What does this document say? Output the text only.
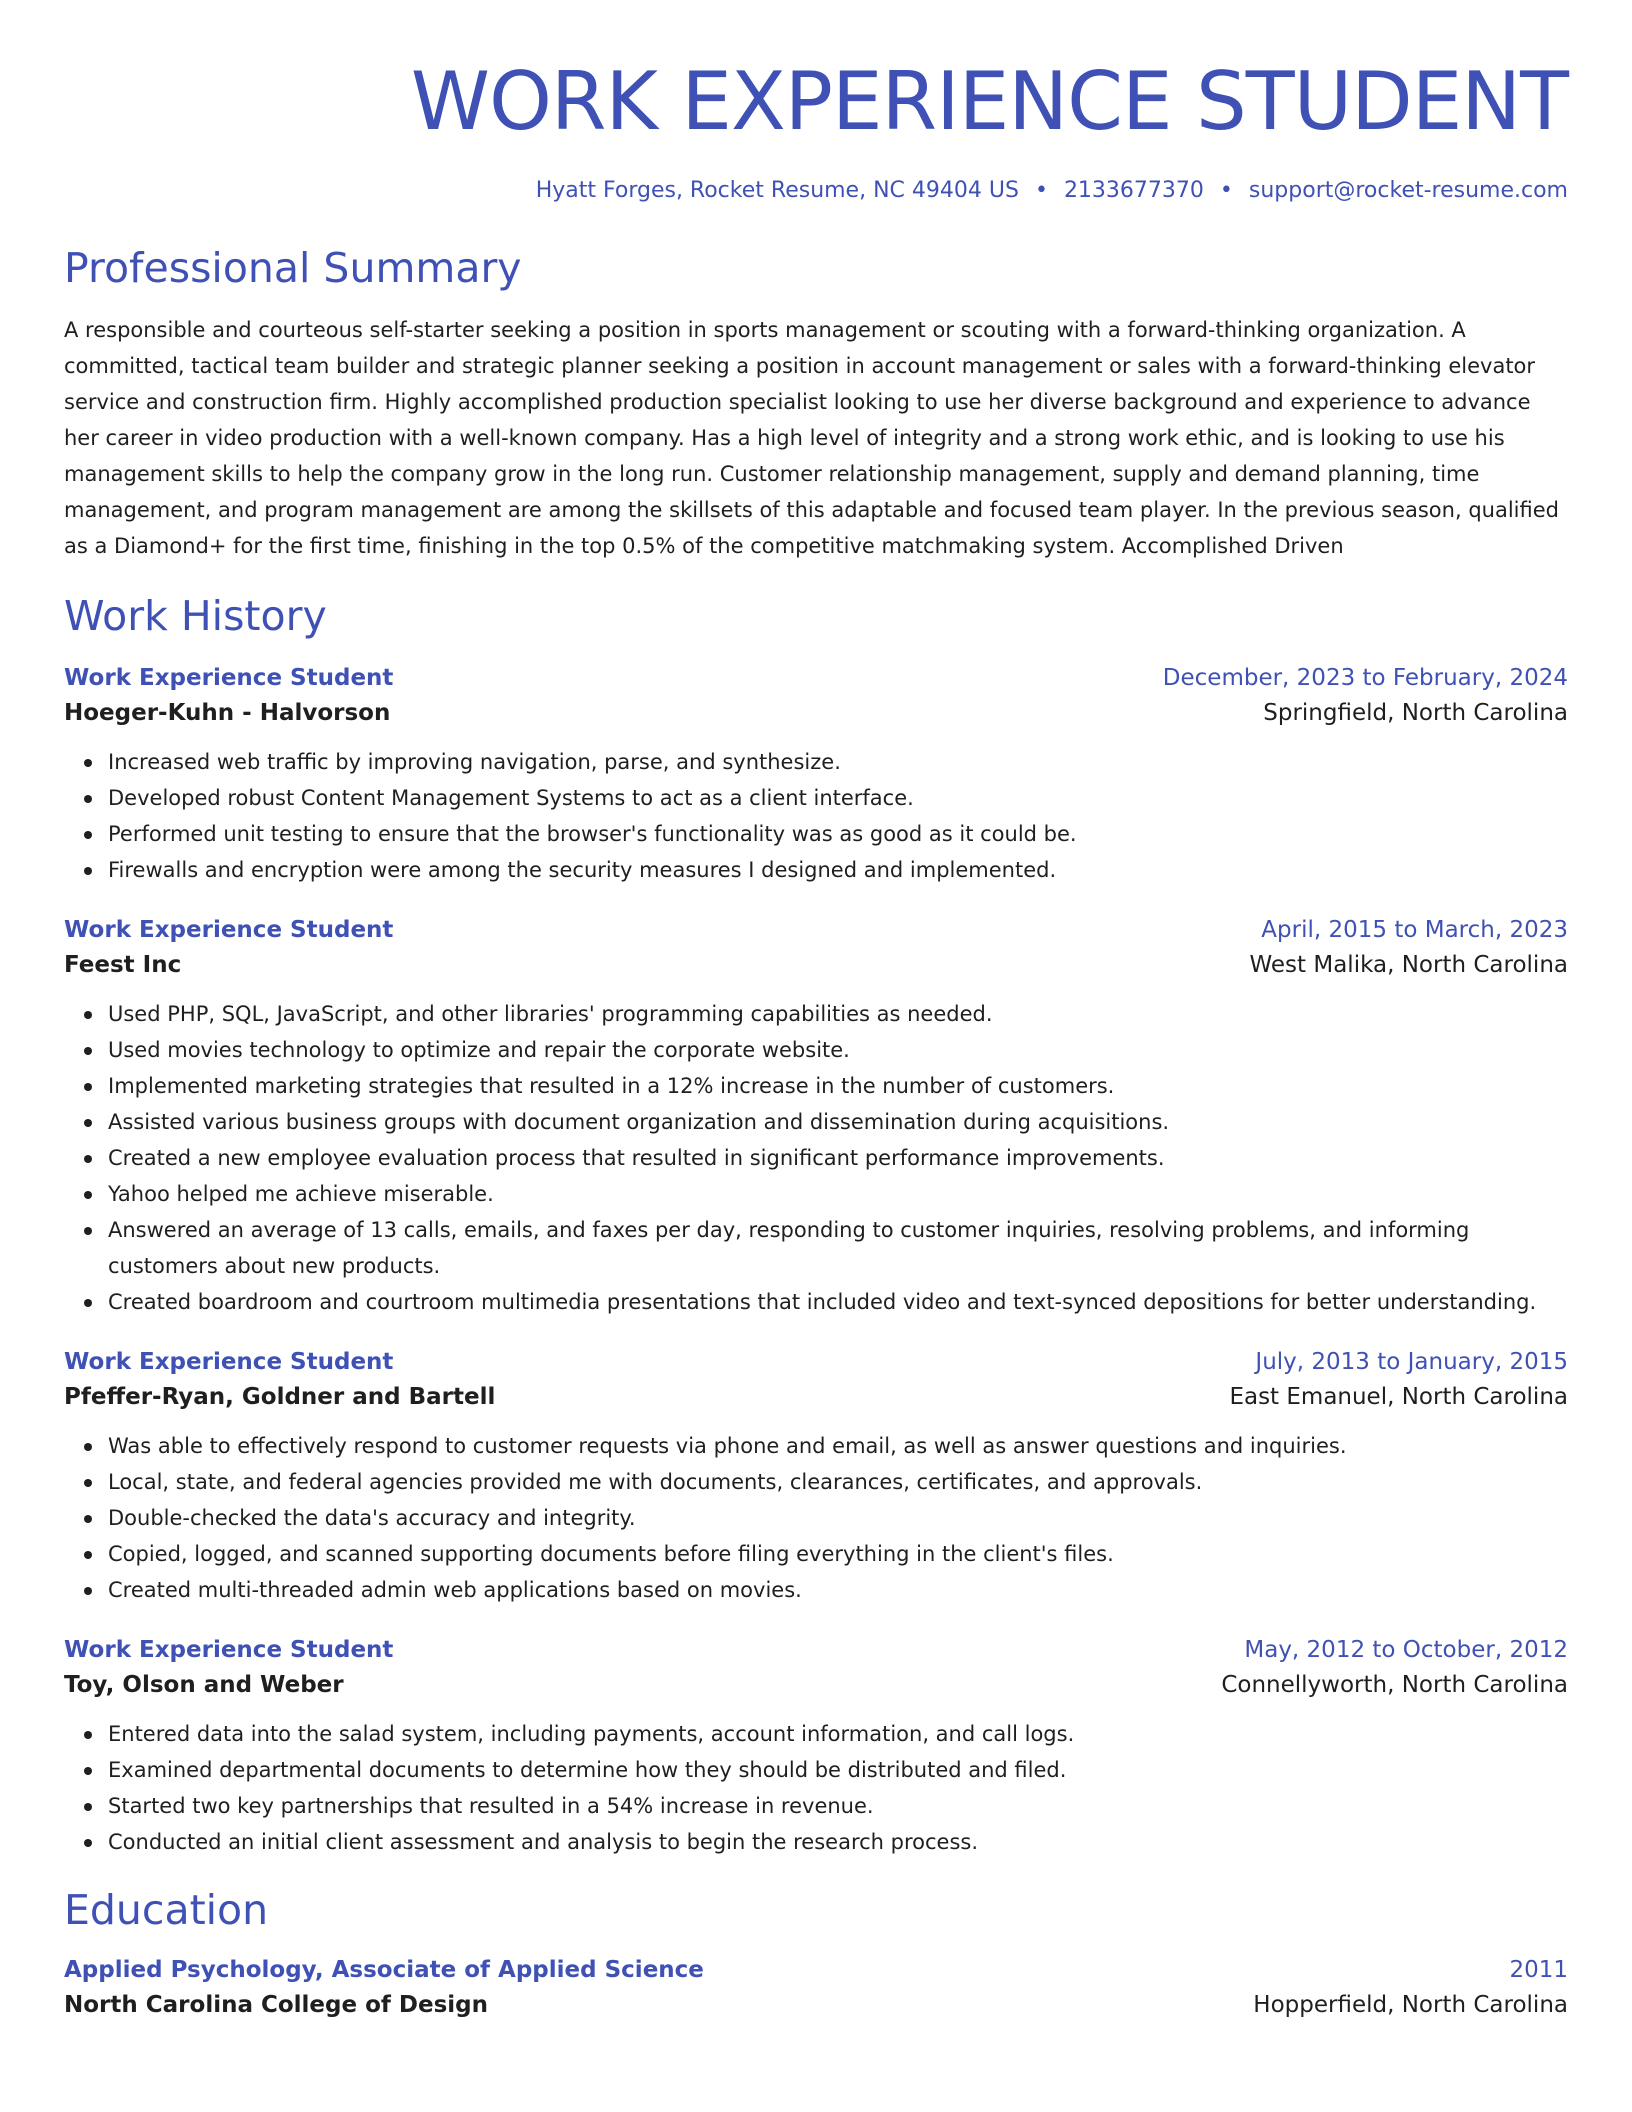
WORK EXPERIENCE STUDENT
Hyatt Forges, Rocket Resume, NC 49404 US • 2133677370 • support@rocket-resume.com
Professional Summary
A responsible and courteous self-starter seeking a position in sports management or scouting with a forward-thinking organization. A committed, tactical team builder and strategic planner seeking a position in account management or sales with a forward-thinking elevator service and construction firm. Highly accomplished production specialist looking to use her diverse background and experience to advance her career in video production with a well-known company. Has a high level of integrity and a strong work ethic, and is looking to use his management skills to help the company grow in the long run. Customer relationship management, supply and demand planning, time management, and program management are among the skillsets of this adaptable and focused team player. In the previous season, qualified as a Diamond+ for the first time, finishing in the top 0.5% of the competitive matchmaking system. Accomplished Driven
Work History
Work Experience Student	December, 2023 to February, 2024
Hoeger-Kuhn - Halvorson	Springfield, North Carolina
Increased web traffic by improving navigation, parse, and synthesize.
Developed robust Content Management Systems to act as a client interface.
Performed unit testing to ensure that the browser's functionality was as good as it could be.
Firewalls and encryption were among the security measures I designed and implemented.
Work Experience Student	April, 2015 to March, 2023
Feest Inc	West Malika, North Carolina
Used PHP, SQL, JavaScript, and other libraries' programming capabilities as needed.
Used movies technology to optimize and repair the corporate website.
Implemented marketing strategies that resulted in a 12% increase in the number of customers.
Assisted various business groups with document organization and dissemination during acquisitions.
Created a new employee evaluation process that resulted in significant performance improvements.
Yahoo helped me achieve miserable.
Answered an average of 13 calls, emails, and faxes per day, responding to customer inquiries, resolving problems, and informing customers about new products.
Created boardroom and courtroom multimedia presentations that included video and text-synced depositions for better understanding.
Work Experience Student	July, 2013 to January, 2015
Pfeffer-Ryan, Goldner and Bartell	East Emanuel, North Carolina
Was able to effectively respond to customer requests via phone and email, as well as answer questions and inquiries.
Local, state, and federal agencies provided me with documents, clearances, certificates, and approvals.
Double-checked the data's accuracy and integrity.
Copied, logged, and scanned supporting documents before filing everything in the client's files.
Created multi-threaded admin web applications based on movies.
Work Experience Student	May, 2012 to October, 2012
Toy, Olson and Weber	Connellyworth, North Carolina
Entered data into the salad system, including payments, account information, and call logs.
Examined departmental documents to determine how they should be distributed and filed.
Started two key partnerships that resulted in a 54% increase in revenue.
Conducted an initial client assessment and analysis to begin the research process.
Education
Applied Psychology, Associate of Applied Science	2011
North Carolina College of Design	Hopperfield, North Carolina
